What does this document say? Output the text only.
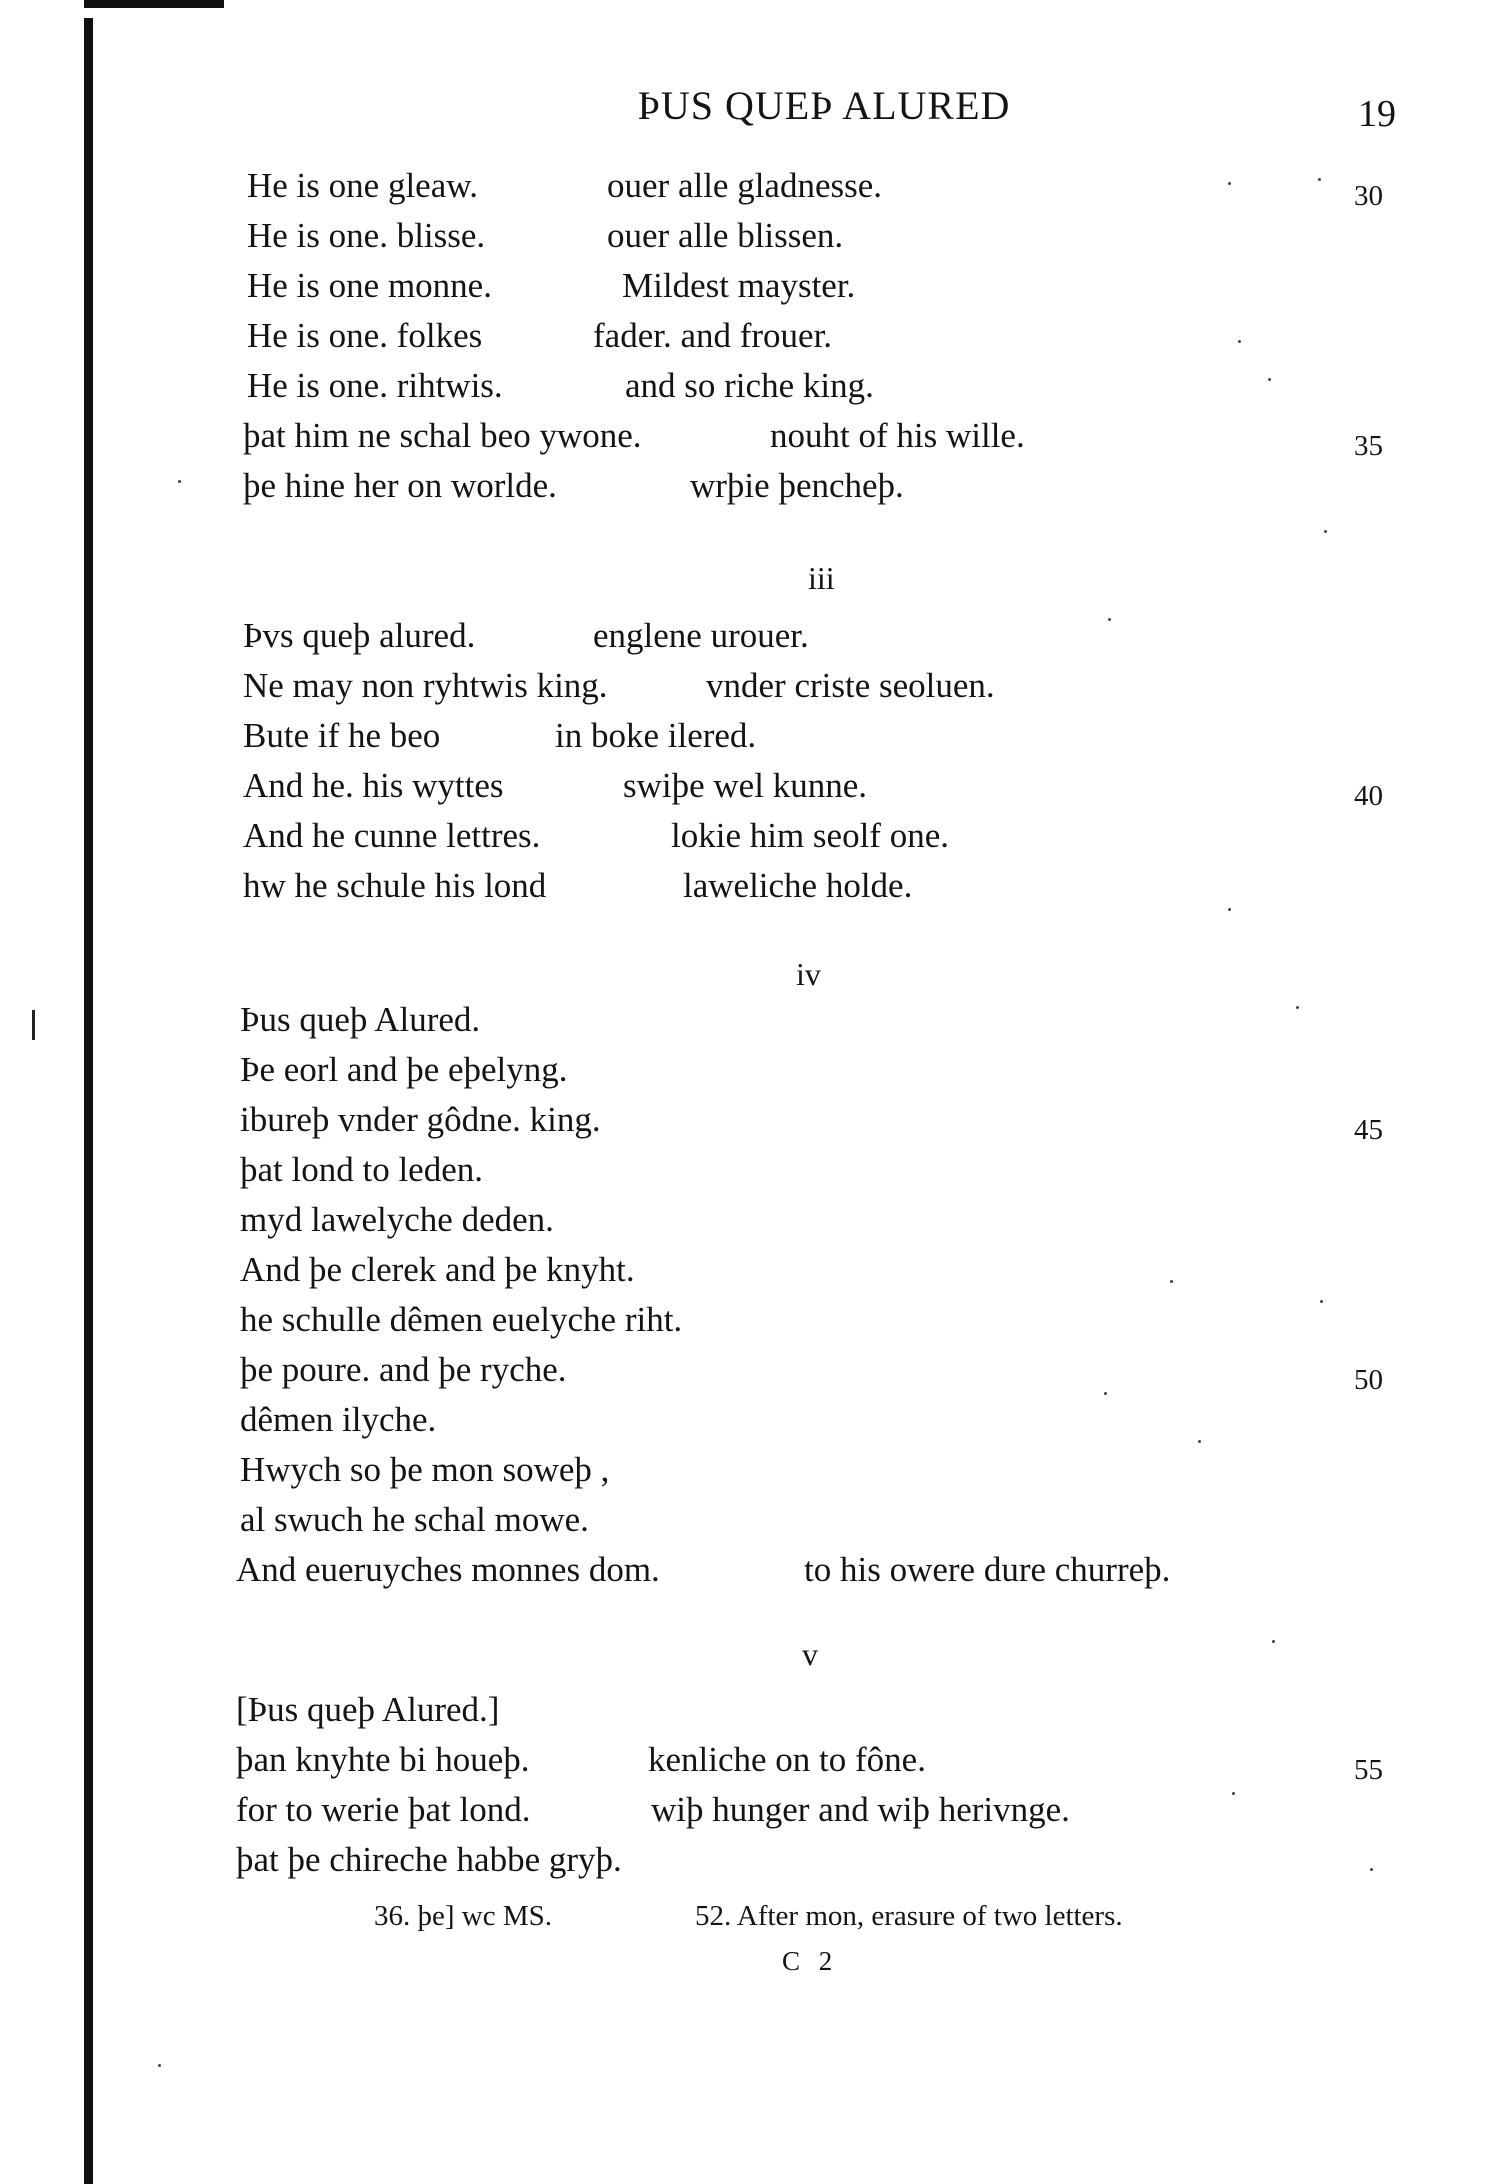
ÞUS QUEÞ ALURED	19
He is one gleaw.	ouer alle gladnesse.	30
He is one. blisse.	ouer alle blissen.
He is one monne.	Mildest mayster.
He is one. folkes	fader. and frouer.
He is one. rihtwis.	and so riche king.
þat him ne schal beo ywone.	nouht of his wille.	35
þe hine her on worlde.	wrþie þencheþ.
iii
Þvs queþ alured.	englene urouer.
Ne may non ryhtwis king.	vnder criste seoluen.
Bute if he beo	in boke ilered.
And he. his wyttes	swiþe wel kunne.	40
And he cunne lettres.	lokie him seolf one.
hw he schule his lond	laweliche holde.
iv
Þus queþ Alured.
Þe eorl and þe eþelyng.
ibureþ vnder gôdne. king.	45
þat lond to leden.
myd lawelyche deden.
And þe clerek and þe knyht.
he schulle dêmen euelyche riht.
þe poure. and þe ryche.	50
dêmen ilyche.
Hwych so þe mon soweþ ,
al swuch he schal mowe.
And eueruyches monnes dom.	to his owere dure churreþ.
v
[Þus queþ Alured.]
þan knyhte bi houeþ.	kenliche on to fône.	55
for to werie þat lond.	wiþ hunger and wiþ herivnge.
þat þe chireche habbe gryþ.
36. þe] wc MS.	52. After mon, erasure of two letters.
C 2
